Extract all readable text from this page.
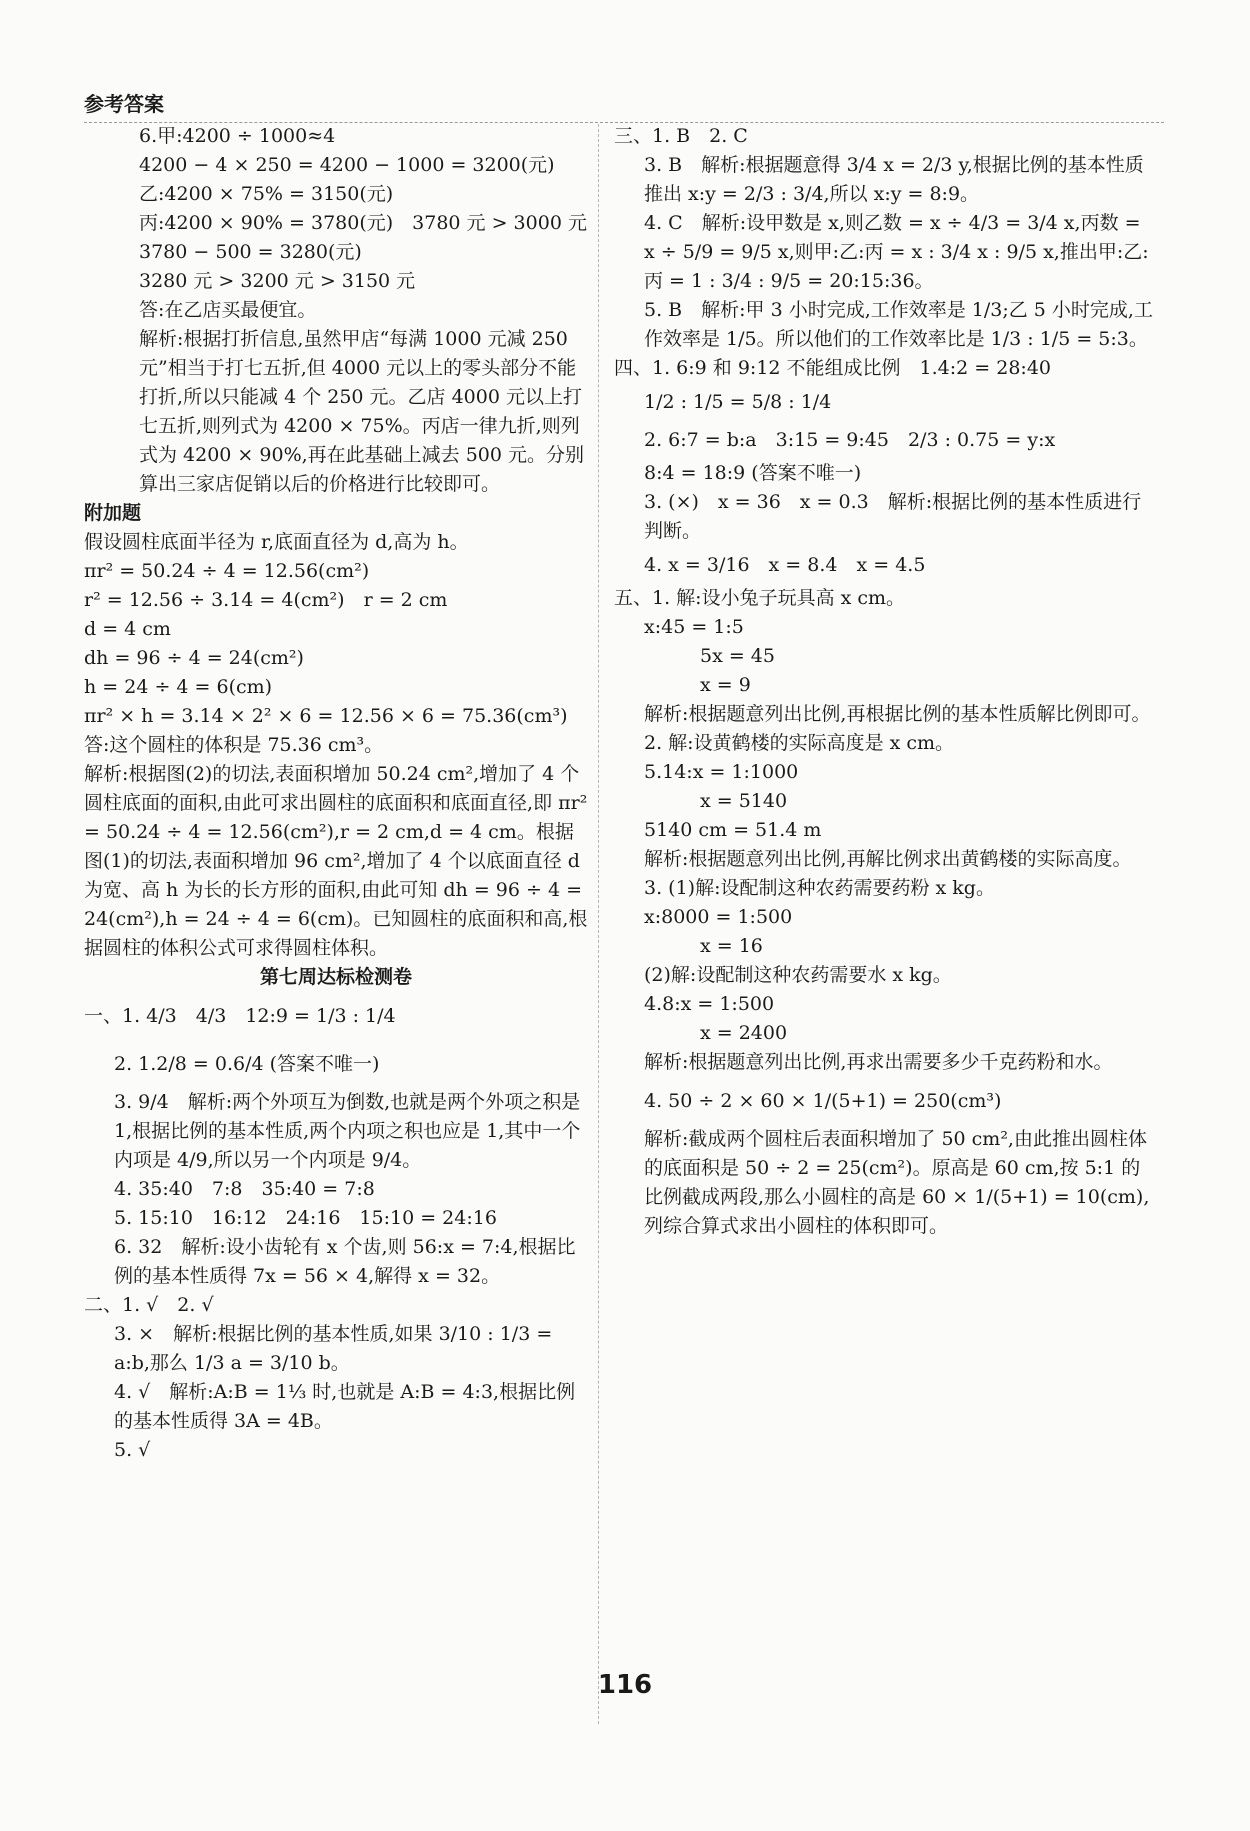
参考答案
6.甲:4200 ÷ 1000≈4
4200 − 4 × 250 = 4200 − 1000 = 3200(元)
乙:4200 × 75% = 3150(元)
丙:4200 × 90% = 3780(元)　3780 元 > 3000 元
3780 − 500 = 3280(元)
3280 元 > 3200 元 > 3150 元
答:在乙店买最便宜。
解析:根据打折信息,虽然甲店“每满 1000 元减 250 元”相当于打七五折,但 4000 元以上的零头部分不能打折,所以只能减 4 个 250 元。乙店 4000 元以上打七五折,则列式为 4200 × 75%。丙店一律九折,则列式为 4200 × 90%,再在此基础上减去 500 元。分别算出三家店促销以后的价格进行比较即可。
附加题
假设圆柱底面半径为 r,底面直径为 d,高为 h。
πr² = 50.24 ÷ 4 = 12.56(cm²)
r² = 12.56 ÷ 3.14 = 4(cm²)　r = 2 cm
d = 4 cm
dh = 96 ÷ 4 = 24(cm²)
h = 24 ÷ 4 = 6(cm)
πr² × h = 3.14 × 2² × 6 = 12.56 × 6 = 75.36(cm³)
答:这个圆柱的体积是 75.36 cm³。
解析:根据图(2)的切法,表面积增加 50.24 cm²,增加了 4 个圆柱底面的面积,由此可求出圆柱的底面积和底面直径,即 πr² = 50.24 ÷ 4 = 12.56(cm²),r = 2 cm,d = 4 cm。根据图(1)的切法,表面积增加 96 cm²,增加了 4 个以底面直径 d 为宽、高 h 为长的长方形的面积,由此可知 dh = 96 ÷ 4 = 24(cm²),h = 24 ÷ 4 = 6(cm)。已知圆柱的底面积和高,根据圆柱的体积公式可求得圆柱体积。
第七周达标检测卷
一、1. 4/3　4/3　12:9 = 1/3 : 1/4
2. 1.2/8 = 0.6/4 (答案不唯一)
3. 9/4　解析:两个外项互为倒数,也就是两个外项之积是 1,根据比例的基本性质,两个内项之积也应是 1,其中一个内项是 4/9,所以另一个内项是 9/4。
4. 35:40　7:8　35:40 = 7:8
5. 15:10　16:12　24:16　15:10 = 24:16
6. 32　解析:设小齿轮有 x 个齿,则 56:x = 7:4,根据比例的基本性质得 7x = 56 × 4,解得 x = 32。
二、1. √　2. √
3. ×　解析:根据比例的基本性质,如果 3/10 : 1/3 = a:b,那么 1/3 a = 3/10 b。
4. √　解析:A:B = 1⅓ 时,也就是 A:B = 4:3,根据比例的基本性质得 3A = 4B。
5. √
三、1. B　2. C
3. B　解析:根据题意得 3/4 x = 2/3 y,根据比例的基本性质推出 x:y = 2/3 : 3/4,所以 x:y = 8:9。
4. C　解析:设甲数是 x,则乙数 = x ÷ 4/3 = 3/4 x,丙数 = x ÷ 5/9 = 9/5 x,则甲:乙:丙 = x : 3/4 x : 9/5 x,推出甲:乙:丙 = 1 : 3/4 : 9/5 = 20:15:36。
5. B　解析:甲 3 小时完成,工作效率是 1/3;乙 5 小时完成,工作效率是 1/5。所以他们的工作效率比是 1/3 : 1/5 = 5:3。
四、1. 6:9 和 9:12 不能组成比例　1.4:2 = 28:40
1/2 : 1/5 = 5/8 : 1/4
2. 6:7 = b:a　3:15 = 9:45　2/3 : 0.75 = y:x
8:4 = 18:9 (答案不唯一)
3. (×)　x = 36　x = 0.3　解析:根据比例的基本性质进行判断。
4. x = 3/16　x = 8.4　x = 4.5
五、1. 解:设小兔子玩具高 x cm。
x:45 = 1:5
5x = 45
x = 9
解析:根据题意列出比例,再根据比例的基本性质解比例即可。
2. 解:设黄鹤楼的实际高度是 x cm。
5.14:x = 1:1000
x = 5140
5140 cm = 51.4 m
解析:根据题意列出比例,再解比例求出黄鹤楼的实际高度。
3. (1)解:设配制这种农药需要药粉 x kg。
x:8000 = 1:500
x = 16
(2)解:设配制这种农药需要水 x kg。
4.8:x = 1:500
x = 2400
解析:根据题意列出比例,再求出需要多少千克药粉和水。
4. 50 ÷ 2 × 60 × 1/(5+1) = 250(cm³)
解析:截成两个圆柱后表面积增加了 50 cm²,由此推出圆柱体的底面积是 50 ÷ 2 = 25(cm²)。原高是 60 cm,按 5:1 的比例截成两段,那么小圆柱的高是 60 × 1/(5+1) = 10(cm),列综合算式求出小圆柱的体积即可。
116
